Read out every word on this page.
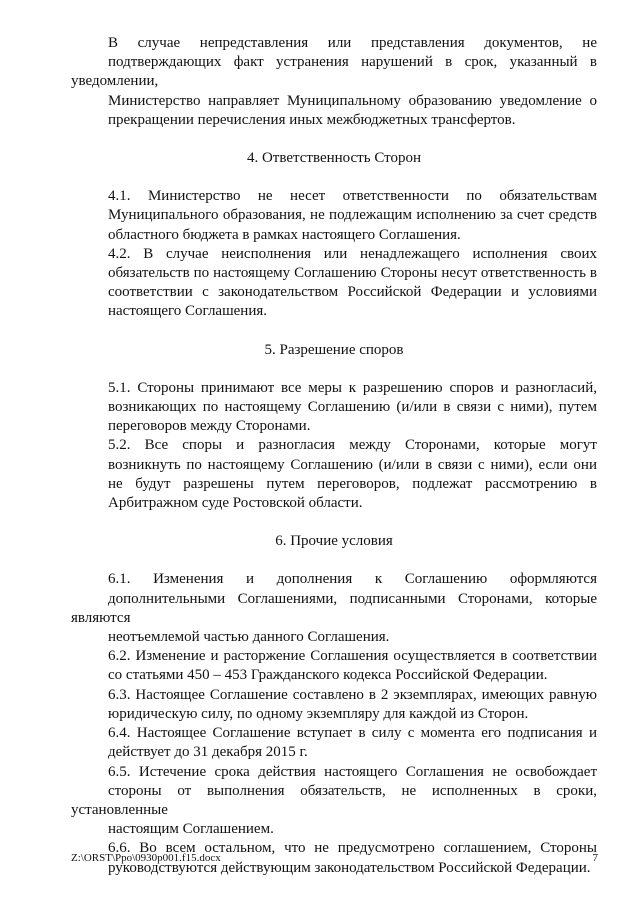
В случае непредставления или представления документов, не
подтверждающих факт устранения нарушений в срок, указанный в уведомлении,
Министерство направляет Муниципальному образованию уведомление о
прекращении перечисления иных межбюджетных трансфертов.

4. Ответственность Сторон

4.1. Министерство не несет ответственности по обязательствам
Муниципального образования, не подлежащим исполнению за счет средств
областного бюджета в рамках настоящего Соглашения.

4.2. В случае неисполнения или ненадлежащего исполнения своих
обязательств по настоящему Соглашению Стороны несут ответственность в
соответствии с законодательством Российской Федерации и условиями
настоящего Соглашения.

5. Разрешение споров

5.1. Стороны принимают все меры к разрешению споров и разногласий,
возникающих по настоящему Соглашению (и/или в связи с ними), путем
переговоров между Сторонами.

5.2. Все споры и разногласия между Сторонами, которые могут
возникнуть по настоящему Соглашению (и/или в связи с ними), если они
не будут разрешены путем переговоров, подлежат рассмотрению в
Арбитражном суде Ростовской области.

6. Прочие условия

6.1. Изменения и дополнения к Соглашению оформляются
дополнительными Соглашениями, подписанными Сторонами, которые являются
неотъемлемой частью данного Соглашения.

6.2. Изменение и расторжение Соглашения осуществляется в соответствии
со статьями 450 – 453 Гражданского кодекса Российской Федерации.

6.3. Настоящее Соглашение составлено в 2 экземплярах, имеющих равную
юридическую силу, по одному экземпляру для каждой из Сторон.

6.4. Настоящее Соглашение вступает в силу с момента его подписания и
действует до 31 декабря 2015 г.

6.5. Истечение срока действия настоящего Соглашения не освобождает
стороны от выполнения обязательств, не исполненных в сроки, установленные
настоящим Соглашением.

6.6. Во всем остальном, что не предусмотрено соглашением, Стороны
руководствуются действующим законодательством Российской Федерации.

Z:\ORST\Ppo\0930p001.f15.docx	7
